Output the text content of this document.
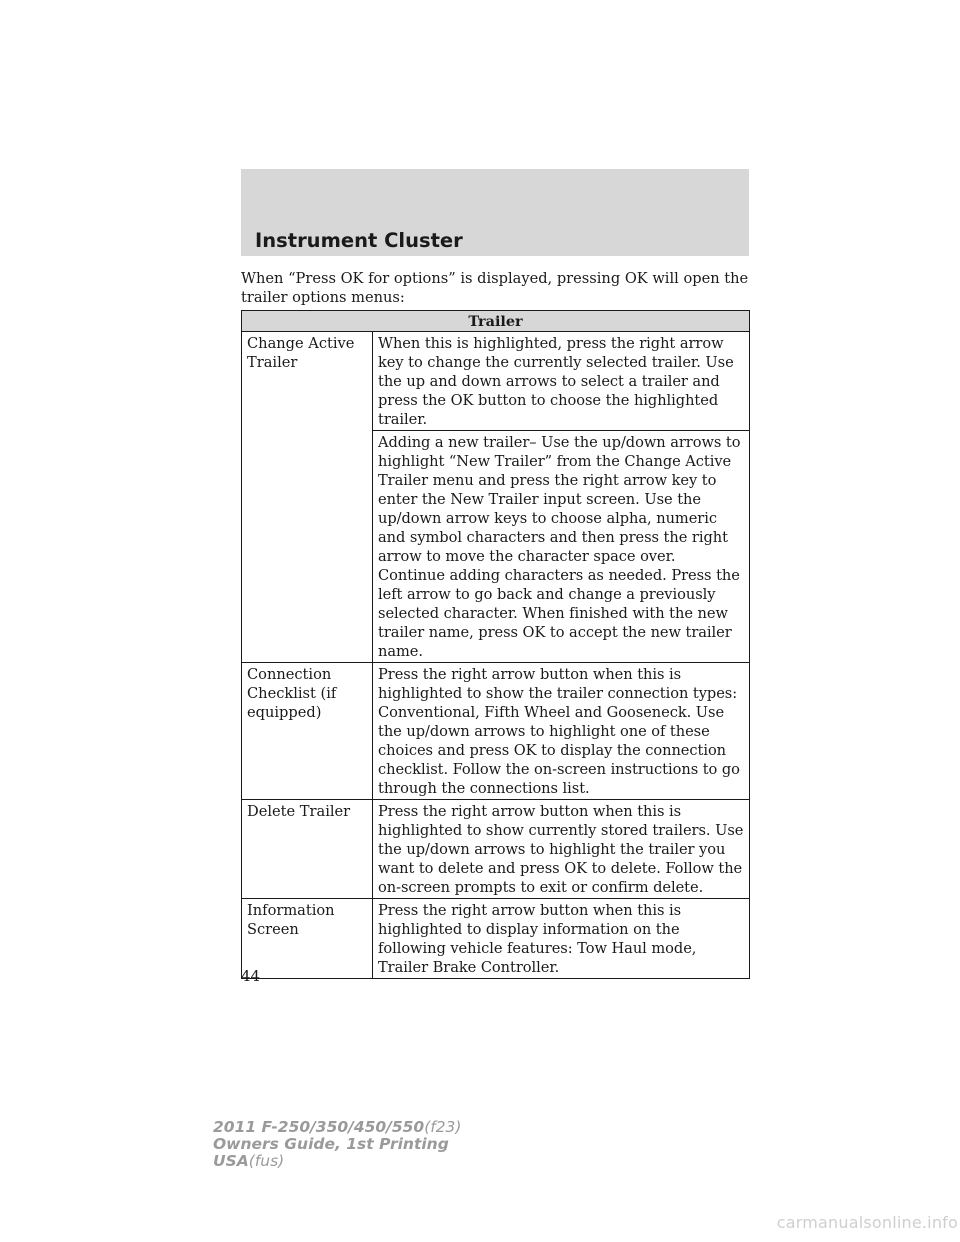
Instrument Cluster

When “Press OK for options” is displayed, pressing OK will open the trailer options menus:

Trailer	
Change Active Trailer	When this is highlighted, press the right arrow key to change the currently selected trailer. Use the up and down arrows to select a trailer and press the OK button to choose the highlighted trailer.
	Adding a new trailer– Use the up/down arrows to highlight “New Trailer” from the Change Active Trailer menu and press the right arrow key to enter the New Trailer input screen. Use the up/down arrow keys to choose alpha, numeric and symbol characters and then press the right arrow to move the character space over. Continue adding characters as needed. Press the left arrow to go back and change a previously selected character. When finished with the new trailer name, press OK to accept the new trailer name.
Connection Checklist (if equipped)	Press the right arrow button when this is highlighted to show the trailer connection types: Conventional, Fifth Wheel and Gooseneck. Use the up/down arrows to highlight one of these choices and press OK to display the connection checklist. Follow the on-screen instructions to go through the connections list.
Delete Trailer	Press the right arrow button when this is highlighted to show currently stored trailers. Use the up/down arrows to highlight the trailer you want to delete and press OK to delete. Follow the on-screen prompts to exit or confirm delete.
Information Screen	Press the right arrow button when this is highlighted to display information on the following vehicle features: Tow Haul mode, Trailer Brake Controller.
44
2011 F-250/350/450/550(f23)
Owners Guide, 1st Printing
USA(fus)
carmanualsonline.info
